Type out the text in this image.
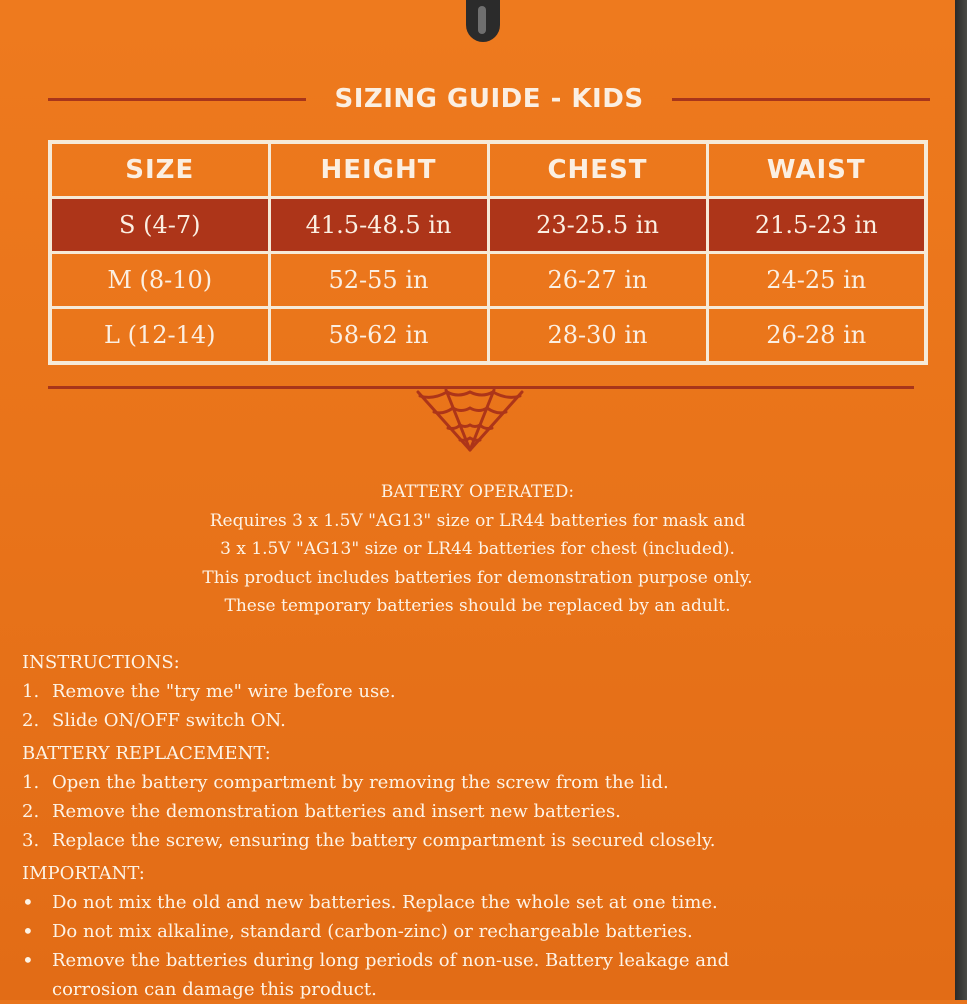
SIZING GUIDE - KIDS
SIZE	HEIGHT	CHEST	WAIST
S (4-7)	41.5-48.5 in	23-25.5 in	21.5-23 in
M (8-10)	52-55 in	26-27 in	24-25 in
L (12-14)	58-62 in	28-30 in	26-28 in
BATTERY OPERATED:
Requires 3 x 1.5V "AG13" size or LR44 batteries for mask and
3 x 1.5V "AG13" size or LR44 batteries for chest (included).
This product includes batteries for demonstration purpose only.
These temporary batteries should be replaced by an adult.
INSTRUCTIONS:
1. Remove the "try me" wire before use.
2. Slide ON/OFF switch ON.
BATTERY REPLACEMENT:
1. Open the battery compartment by removing the screw from the lid.
2. Remove the demonstration batteries and insert new batteries.
3. Replace the screw, ensuring the battery compartment is secured closely.
IMPORTANT:
•	Do not mix the old and new batteries. Replace the whole set at one time.
•	Do not mix alkaline, standard (carbon-zinc) or rechargeable batteries.
•	Remove the batteries during long periods of non-use. Battery leakage and
corrosion can damage this product.
